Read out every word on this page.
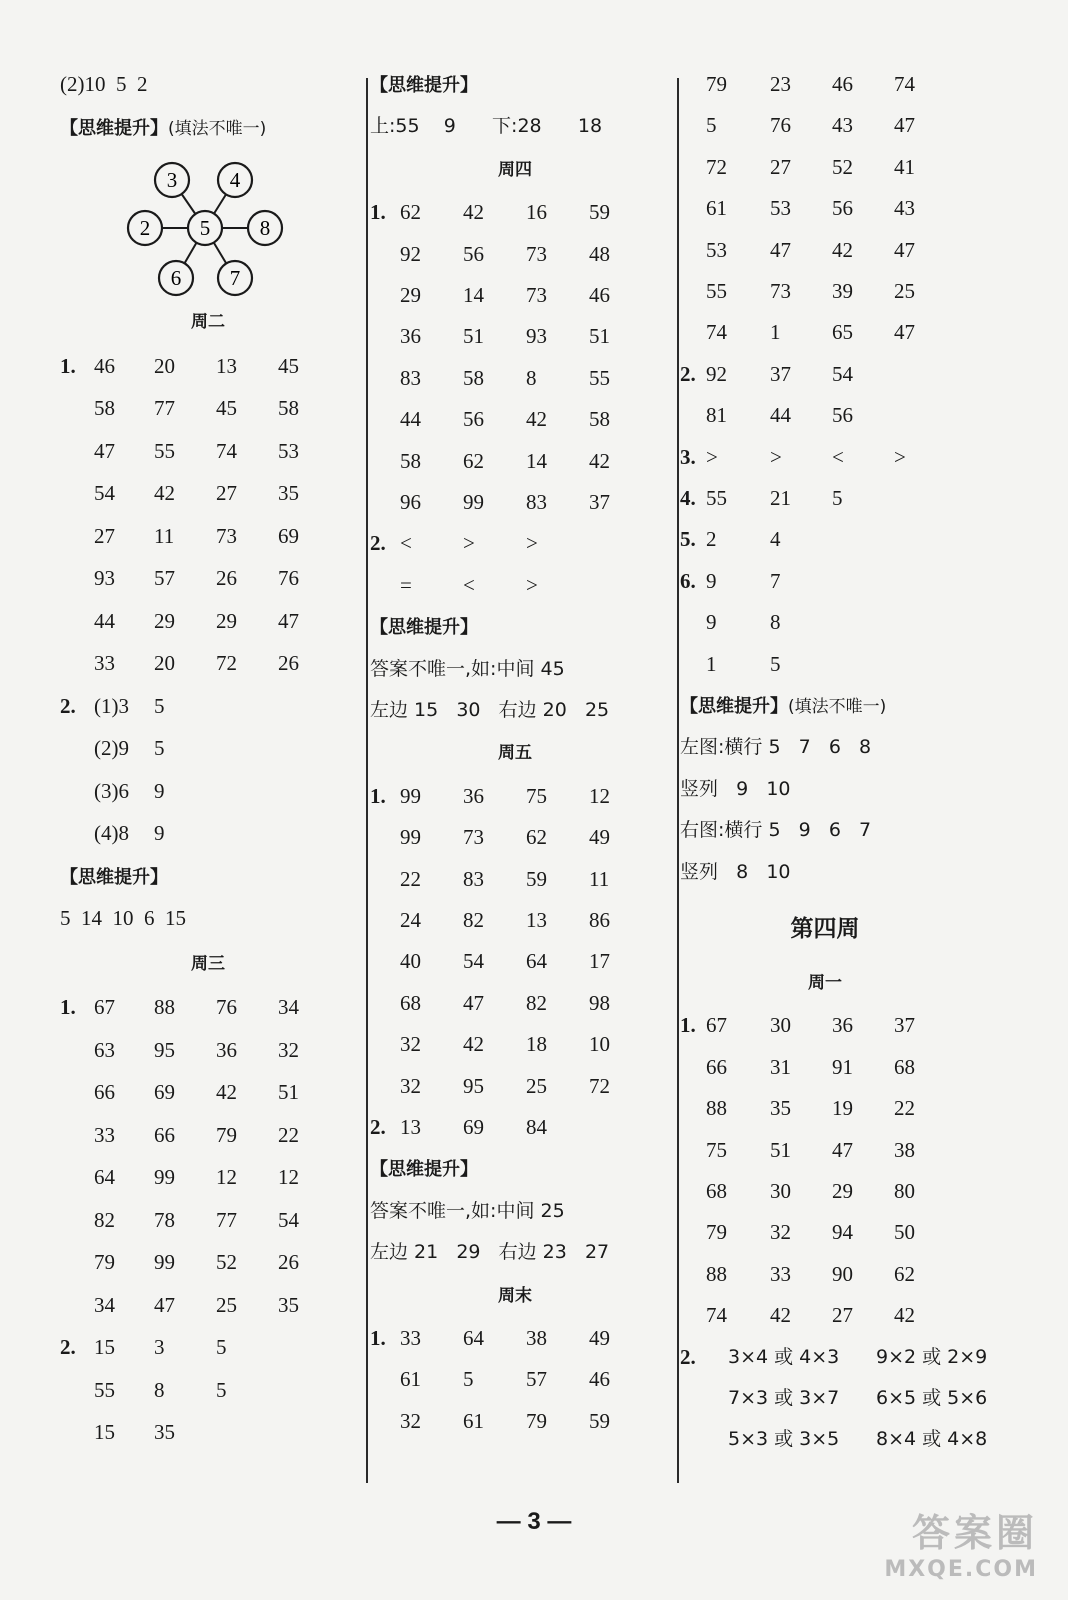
(2)10  5  2
【思维提升】(填法不唯一)
周二
1. 46 20 13 45
58 77 45 58
47 55 74 53
54 42 27 35
27 11 73 69
93 57 26 76
44 29 29 47
33 20 72 26
2. (1)3 5
(2)9 5
(3)6 9
(4)8 9
【思维提升】
5  14  10  6  15
周三
1. 67 88 76 34
63 95 36 32
66 69 42 51
33 66 79 22
64 99 12 12
82 78 77 54
79 99 52 26
34 47 25 35
2. 15 3 5
55 8 5
15 35
3	4
2 5 8
6 7
【思维提升】
上:55    9      下:28      18
周四
1. 62 42 16 59
92 56 73 48
29 14 73 46
36 51 93 51
83 58 8	55
44 56 42 58
58 62 14 42
96 99 83 37
2. < > >
= < >
【思维提升】
答案不唯一,如:中间 45
左边 15   30   右边 20   25
周五
1. 99 36 75 12
99 73 62 49
22 83 59 11
24 82 13 86
40 54 64 17
68 47 82 98
32 42 18 10
32 95 25 72
2. 13 69 84
【思维提升】
答案不唯一,如:中间 25
左边 21   29   右边 23   27
周末
1. 33 64 38 49
61 5	57 46
32 61 79 59
79 23 46 74
5	76 43 47
72 27 52 41
61 53 56 43
53 47 42 47
55 73 39 25
74 1 65 47
2. 92 37 54
81 44 56
3. > > < >
4. 55 21 5
5. 2	4
6. 9	7
9	8
1	5
【思维提升】(填法不唯一)
左图:横行 5   7   6   8
竖列   9   10
右图:横行 5   9   6   7
竖列   8   10
第四周
周一
1. 67 30 36 37
66 31 91 68
88 35 19 22
75 51 47 38
68 30 29 80
79 32 94 50
88 33 90 62
74 42 27 42
2. 3×4 或 4×3 9×2 或 2×9
7×3 或 3×7 6×5 或 5×6
5×3 或 3×5 8×4 或 4×8
— 3 —	答案圈
MXQE.COM
